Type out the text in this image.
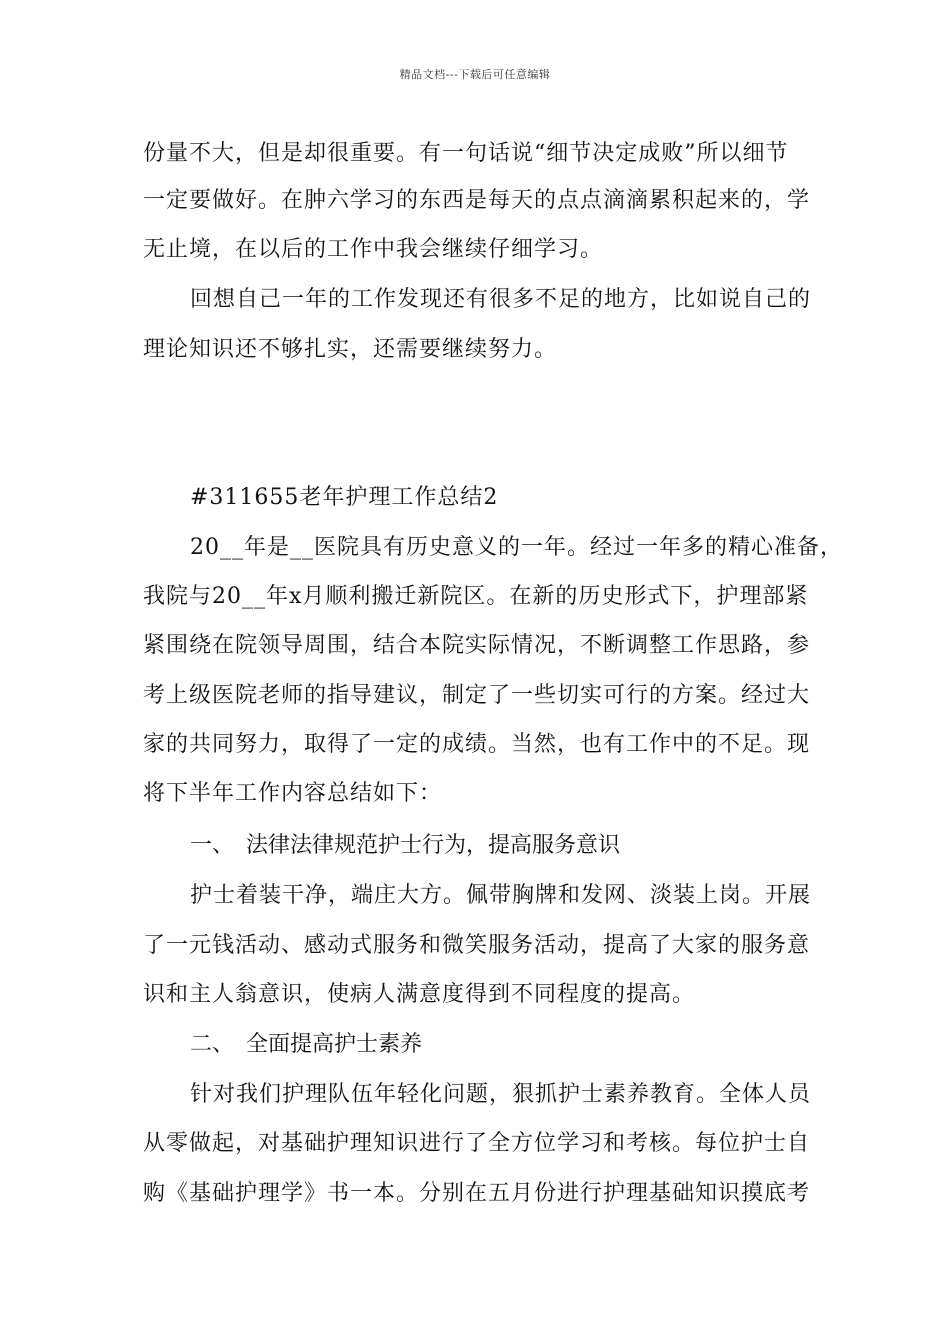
精品文档---下载后可任意编辑
份量不大，但是却很重要。有一句话说“细节决定成败”所以细节
一定要做好。在肿六学习的东西是每天的点点滴滴累积起来的，学
无止境，在以后的工作中我会继续仔细学习。
回想自己一年的工作发现还有很多不足的地方，比如说自己的
理论知识还不够扎实，还需要继续努力。
#311655老年护理工作总结2
20__年是__医院具有历史意义的一年。经过一年多的精心准备，
我院与20__年x月顺利搬迁新院区。在新的历史形式下，护理部紧
紧围绕在院领导周围，结合本院实际情况，不断调整工作思路，参
考上级医院老师的指导建议，制定了一些切实可行的方案。经过大
家的共同努力，取得了一定的成绩。当然，也有工作中的不足。现
将下半年工作内容总结如下：
一、 法律法律规范护士行为，提高服务意识
护士着装干净，端庄大方。佩带胸牌和发网、淡装上岗。开展
了一元钱活动、感动式服务和微笑服务活动，提高了大家的服务意
识和主人翁意识，使病人满意度得到不同程度的提高。
二、 全面提高护士素养
针对我们护理队伍年轻化问题，狠抓护士素养教育。全体人员
从零做起，对基础护理知识进行了全方位学习和考核。每位护士自
购《基础护理学》书一本。分别在五月份进行护理基础知识摸底考
